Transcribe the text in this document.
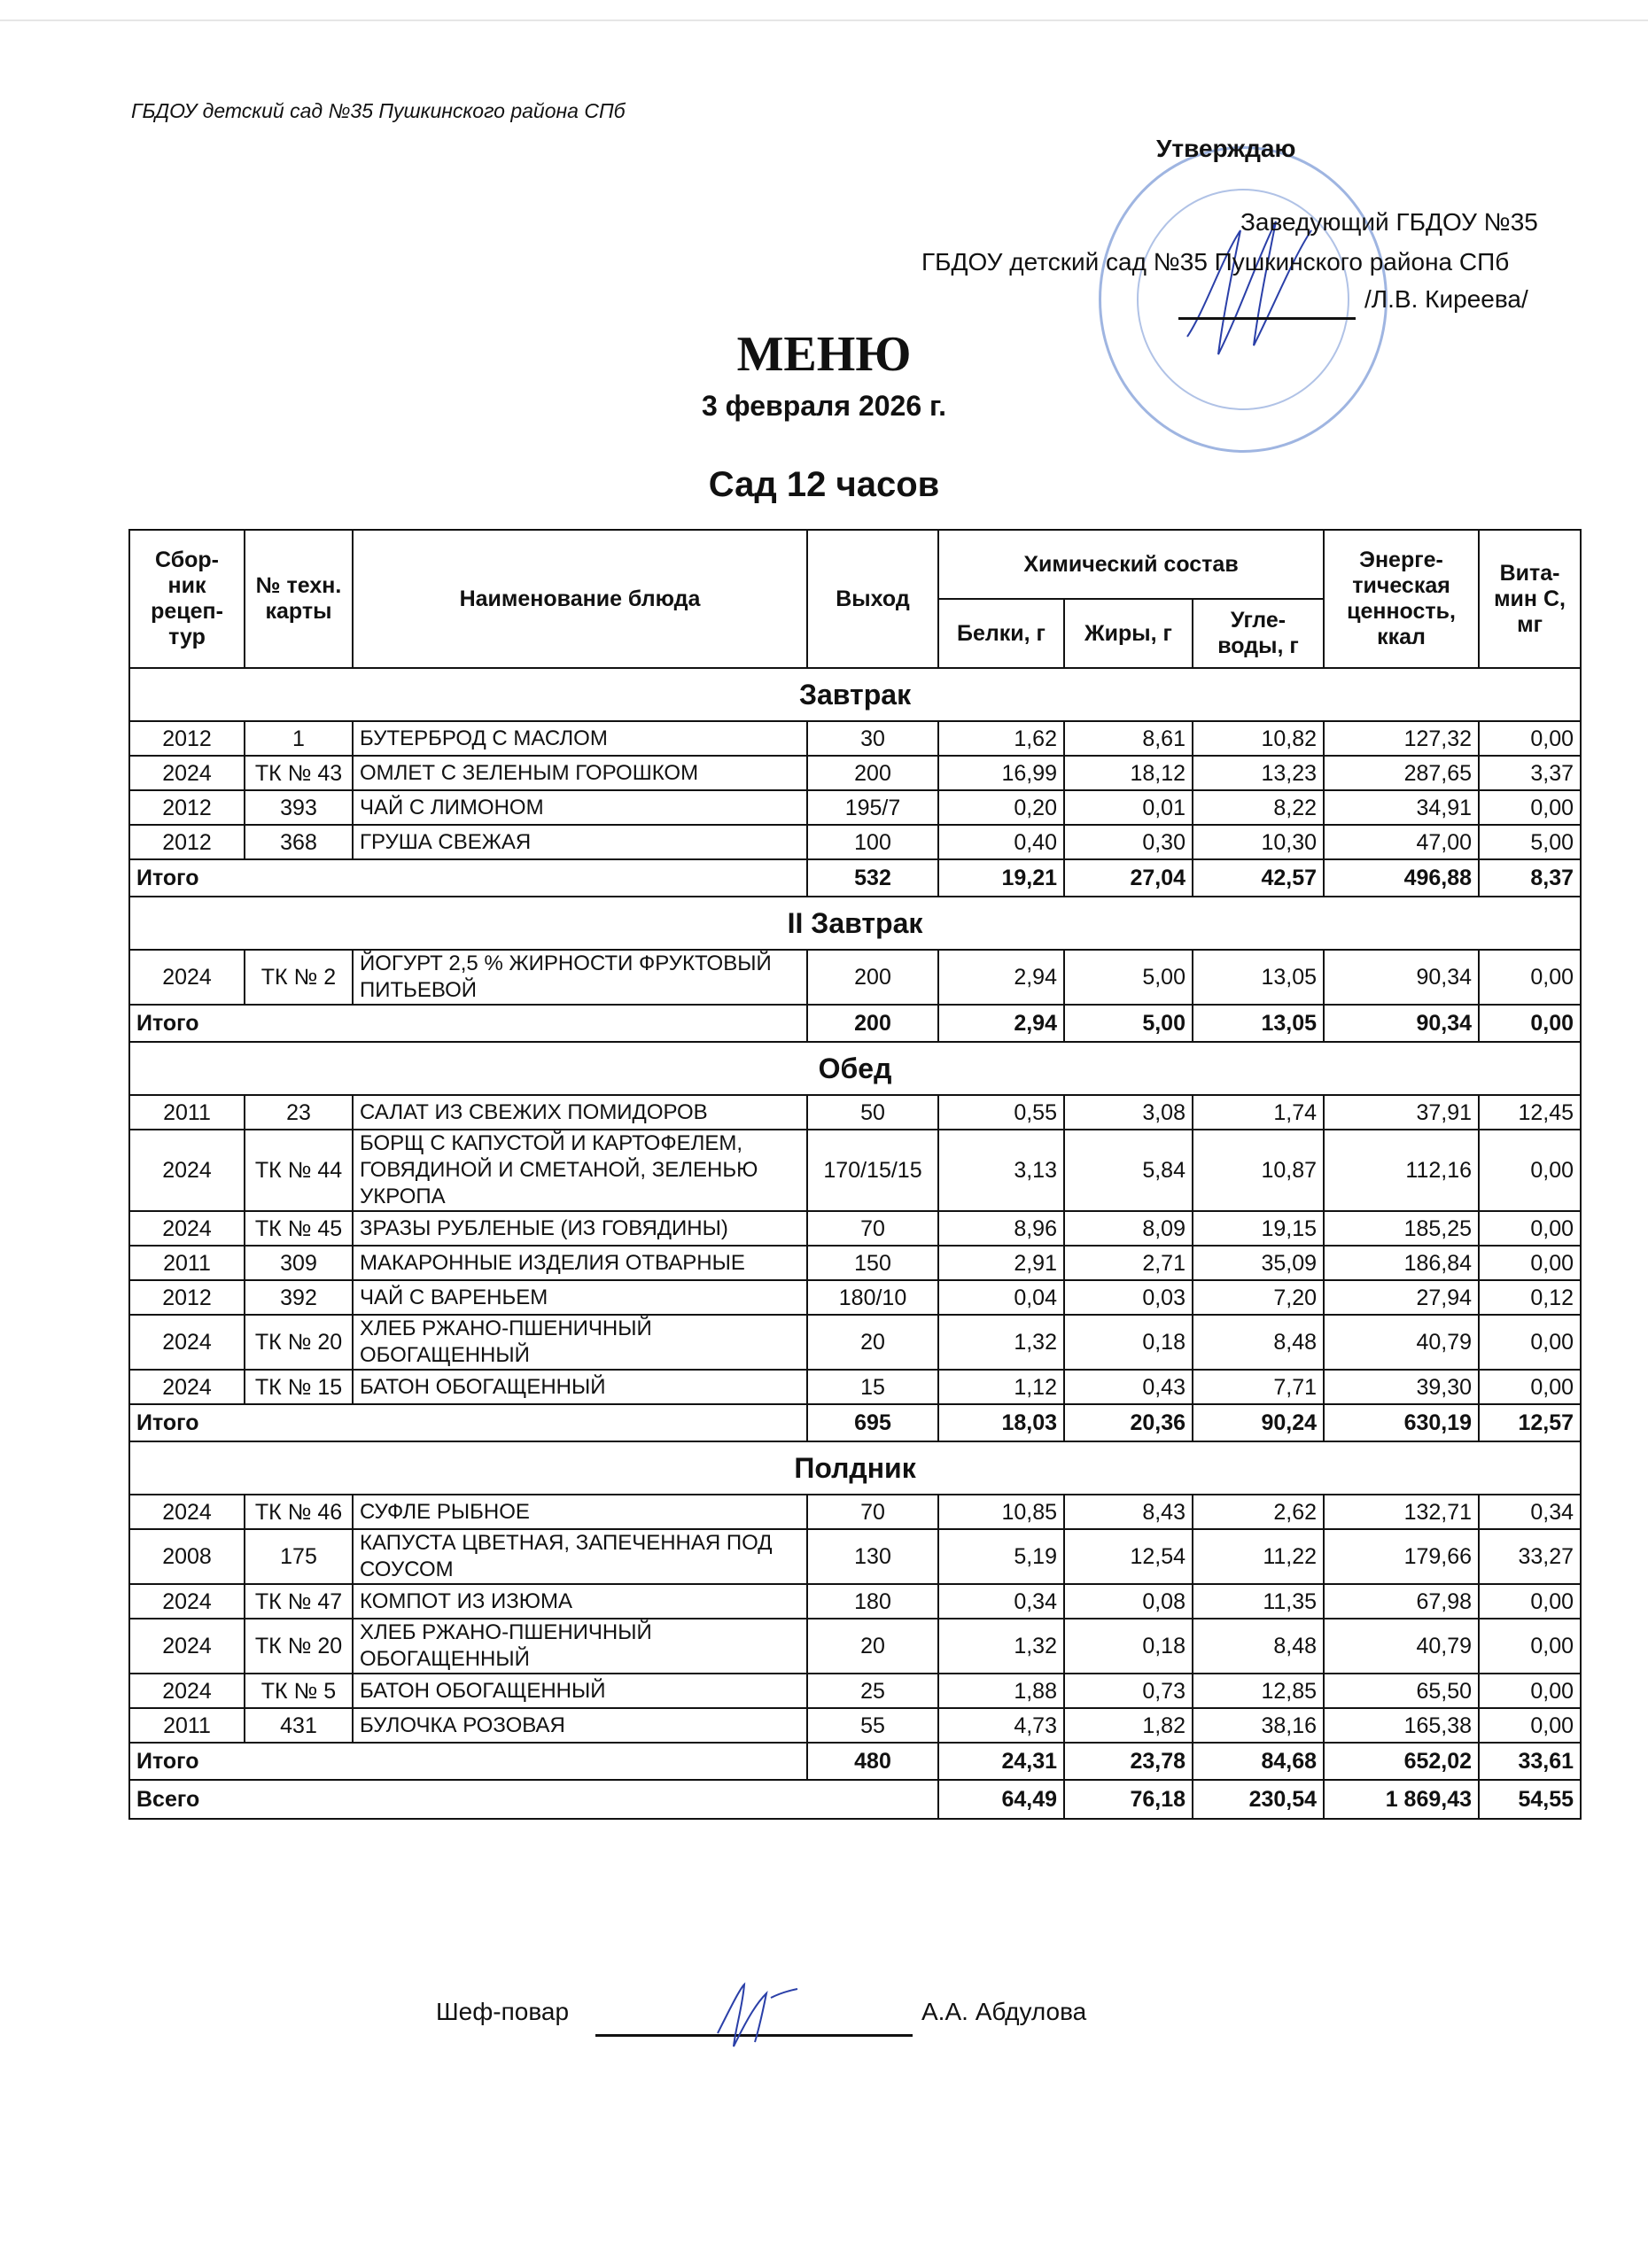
ГБДОУ детский сад №35 Пушкинского района СПб
Утверждаю
Заведующий ГБДОУ №35
ГБДОУ детский сад №35 Пушкинского района СПб
/Л.В. Киреева/
МЕНЮ
3 февраля 2026 г.
Сад 12 часов
Сбор-ник рецеп-тур	№ техн. карты	Наименование блюда	Выход	Химический состав			Энерге-тическая ценность, ккал	Вита-мин С, мг
				Белки, г	Жиры, г	Угле-воды, г		
Завтрак								
2012	1	БУТЕРБРОД С МАСЛОМ	30	1,62	8,61	10,82	127,32	0,00
2024	ТК № 43	ОМЛЕТ С ЗЕЛЕНЫМ ГОРОШКОМ	200	16,99	18,12	13,23	287,65	3,37
2012	393	ЧАЙ С ЛИМОНОМ	195/7	0,20	0,01	8,22	34,91	0,00
2012	368	ГРУША СВЕЖАЯ	100	0,40	0,30	10,30	47,00	5,00
Итого			532	19,21	27,04	42,57	496,88	8,37
II Завтрак								
2024	ТК № 2	ЙОГУРТ 2,5 % ЖИРНОСТИ ФРУКТОВЫЙ ПИТЬЕВОЙ	200	2,94	5,00	13,05	90,34	0,00
Итого			200	2,94	5,00	13,05	90,34	0,00
Обед								
2011	23	САЛАТ ИЗ СВЕЖИХ ПОМИДОРОВ	50	0,55	3,08	1,74	37,91	12,45
2024	ТК № 44	БОРЩ С КАПУСТОЙ И КАРТОФЕЛЕМ, ГОВЯДИНОЙ И СМЕТАНОЙ, ЗЕЛЕНЬЮ УКРОПА	170/15/15	3,13	5,84	10,87	112,16	0,00
2024	ТК № 45	ЗРАЗЫ РУБЛЕНЫЕ (ИЗ ГОВЯДИНЫ)	70	8,96	8,09	19,15	185,25	0,00
2011	309	МАКАРОННЫЕ ИЗДЕЛИЯ ОТВАРНЫЕ	150	2,91	2,71	35,09	186,84	0,00
2012	392	ЧАЙ С ВАРЕНЬЕМ	180/10	0,04	0,03	7,20	27,94	0,12
2024	ТК № 20	ХЛЕБ РЖАНО-ПШЕНИЧНЫЙ ОБОГАЩЕННЫЙ	20	1,32	0,18	8,48	40,79	0,00
2024	ТК № 15	БАТОН ОБОГАЩЕННЫЙ	15	1,12	0,43	7,71	39,30	0,00
Итого			695	18,03	20,36	90,24	630,19	12,57
Полдник								
2024	ТК № 46	СУФЛЕ РЫБНОЕ	70	10,85	8,43	2,62	132,71	0,34
2008	175	КАПУСТА ЦВЕТНАЯ, ЗАПЕЧЕННАЯ ПОД СОУСОМ	130	5,19	12,54	11,22	179,66	33,27
2024	ТК № 47	КОМПОТ ИЗ ИЗЮМА	180	0,34	0,08	11,35	67,98	0,00
2024	ТК № 20	ХЛЕБ РЖАНО-ПШЕНИЧНЫЙ ОБОГАЩЕННЫЙ	20	1,32	0,18	8,48	40,79	0,00
2024	ТК № 5	БАТОН ОБОГАЩЕННЫЙ	25	1,88	0,73	12,85	65,50	0,00
2011	431	БУЛОЧКА РОЗОВАЯ	55	4,73	1,82	38,16	165,38	0,00
Итого			480	24,31	23,78	84,68	652,02	33,61
Всего				64,49	76,18	230,54	1 869,43	54,55
Шеф-повар	А.А. Абдулова
